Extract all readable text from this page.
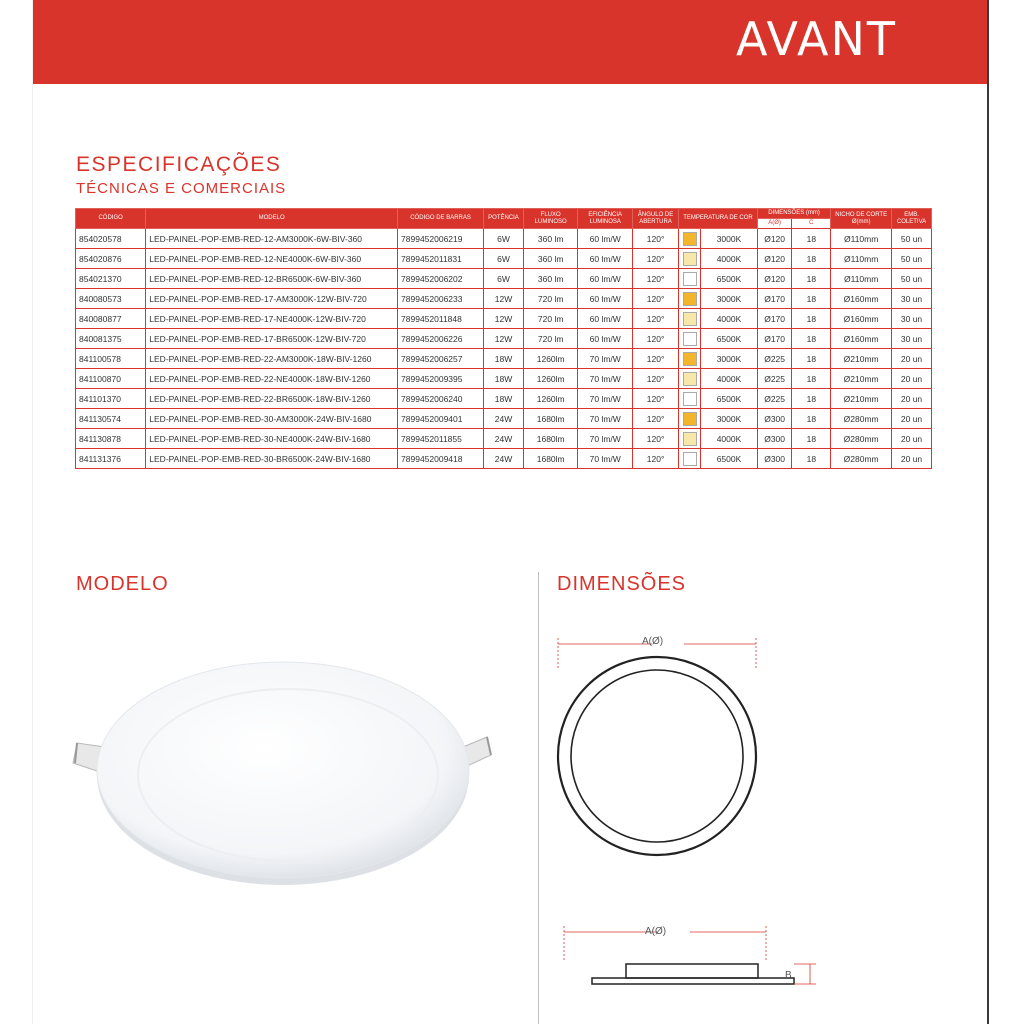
AVANT
ESPECIFICAÇÕES
TÉCNICAS E COMERCIAIS
CÓDIGO	MODELO	CÓDIGO DE BARRAS	POTÊNCIA	FLUXO LUMINOSO	EFICIÊNCIA LUMINOSA	ÂNGULO DE ABERTURA	TEMPERATURA DE COR		DIMENSÕES (mm)		NICHO DE CORTE Ø(mm)	EMB. COLETIVA
									A(Ø)	C		
854020578	LED-PAINEL-POP-EMB-RED-12-AM3000K-6W-BIV-360	7899452006219	6W	360 lm	60 lm/W	120°		3000K	Ø120	18	Ø110mm	50 un
854020876	LED-PAINEL-POP-EMB-RED-12-NE4000K-6W-BIV-360	7899452011831	6W	360 lm	60 lm/W	120°		4000K	Ø120	18	Ø110mm	50 un
854021370	LED-PAINEL-POP-EMB-RED-12-BR6500K-6W-BIV-360	7899452006202	6W	360 lm	60 lm/W	120°		6500K	Ø120	18	Ø110mm	50 un
840080573	LED-PAINEL-POP-EMB-RED-17-AM3000K-12W-BIV-720	7899452006233	12W	720 lm	60 lm/W	120°		3000K	Ø170	18	Ø160mm	30 un
840080877	LED-PAINEL-POP-EMB-RED-17-NE4000K-12W-BIV-720	7899452011848	12W	720 lm	60 lm/W	120°		4000K	Ø170	18	Ø160mm	30 un
840081375	LED-PAINEL-POP-EMB-RED-17-BR6500K-12W-BIV-720	7899452006226	12W	720 lm	60 lm/W	120°		6500K	Ø170	18	Ø160mm	30 un
841100578	LED-PAINEL-POP-EMB-RED-22-AM3000K-18W-BIV-1260	7899452006257	18W	1260lm	70 lm/W	120°		3000K	Ø225	18	Ø210mm	20 un
841100870	LED-PAINEL-POP-EMB-RED-22-NE4000K-18W-BIV-1260	7899452009395	18W	1260lm	70 lm/W	120°		4000K	Ø225	18	Ø210mm	20 un
841101370	LED-PAINEL-POP-EMB-RED-22-BR6500K-18W-BIV-1260	7899452006240	18W	1260lm	70 lm/W	120°		6500K	Ø225	18	Ø210mm	20 un
841130574	LED-PAINEL-POP-EMB-RED-30-AM3000K-24W-BIV-1680	7899452009401	24W	1680lm	70 lm/W	120°		3000K	Ø300	18	Ø280mm	20 un
841130878	LED-PAINEL-POP-EMB-RED-30-NE4000K-24W-BIV-1680	7899452011855	24W	1680lm	70 lm/W	120°		4000K	Ø300	18	Ø280mm	20 un
841131376	LED-PAINEL-POP-EMB-RED-30-BR6500K-24W-BIV-1680	7899452009418	24W	1680lm	70 lm/W	120°		6500K	Ø300	18	Ø280mm	20 un
MODELO	DIMENSÕES
A(Ø)
A(Ø)
B
